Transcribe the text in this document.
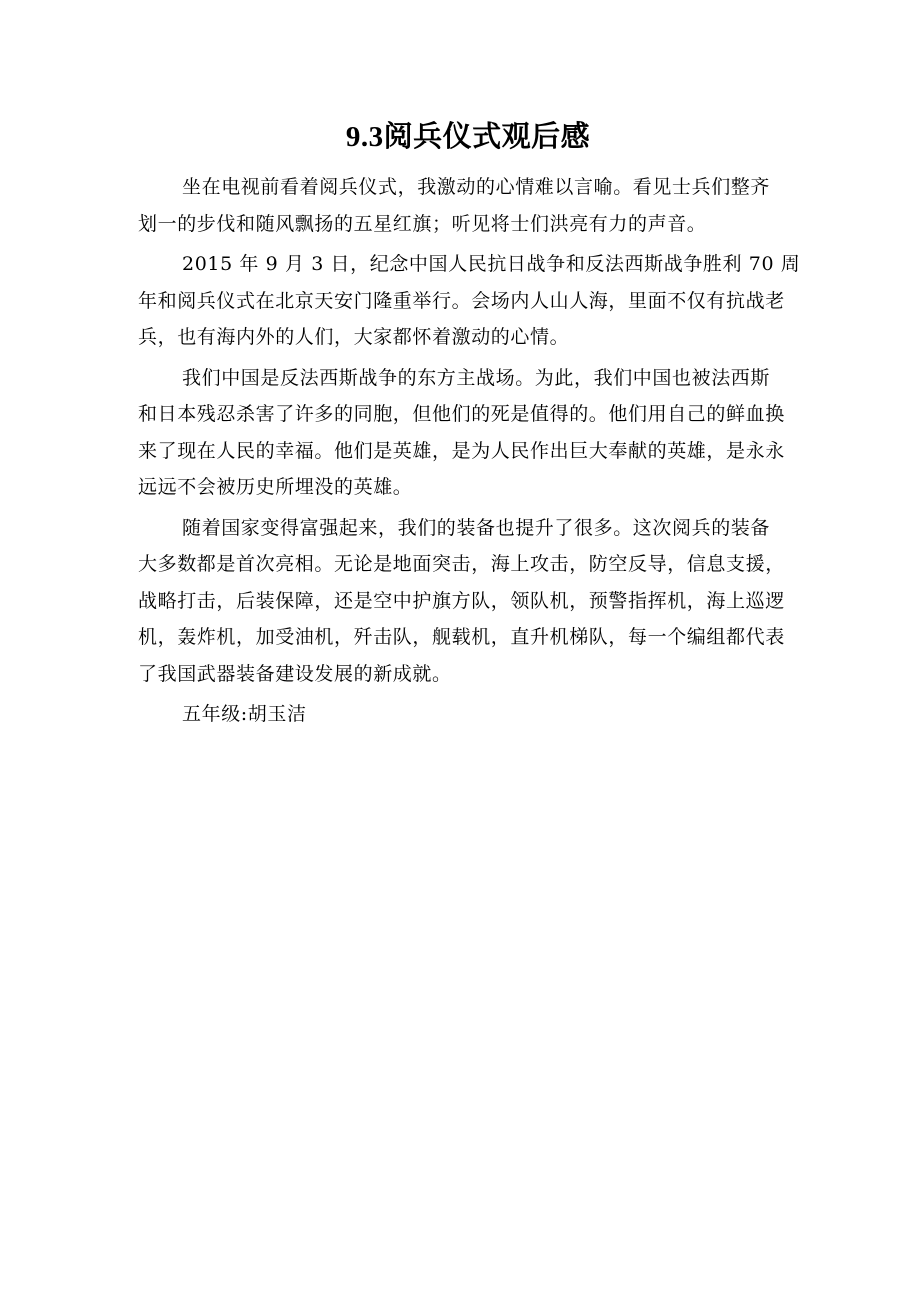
9.3阅兵仪式观后感

坐在电视前看着阅兵仪式，我激动的心情难以言喻。看见士兵们整齐
划一的步伐和随风飘扬的五星红旗；听见将士们洪亮有力的声音。

2015 年 9 月 3 日，纪念中国人民抗日战争和反法西斯战争胜利 70 周
年和阅兵仪式在北京天安门隆重举行。会场内人山人海，里面不仅有抗战老
兵，也有海内外的人们，大家都怀着激动的心情。

我们中国是反法西斯战争的东方主战场。为此，我们中国也被法西斯
和日本残忍杀害了许多的同胞，但他们的死是值得的。他们用自己的鲜血换
来了现在人民的幸福。他们是英雄，是为人民作出巨大奉献的英雄，是永永
远远不会被历史所埋没的英雄。

随着国家变得富强起来，我们的装备也提升了很多。这次阅兵的装备
大多数都是首次亮相。无论是地面突击，海上攻击，防空反导，信息支援，
战略打击，后装保障，还是空中护旗方队，领队机，预警指挥机，海上巡逻
机，轰炸机，加受油机，歼击队，舰载机，直升机梯队，每一个编组都代表
了我国武器装备建设发展的新成就。

五年级:胡玉洁
